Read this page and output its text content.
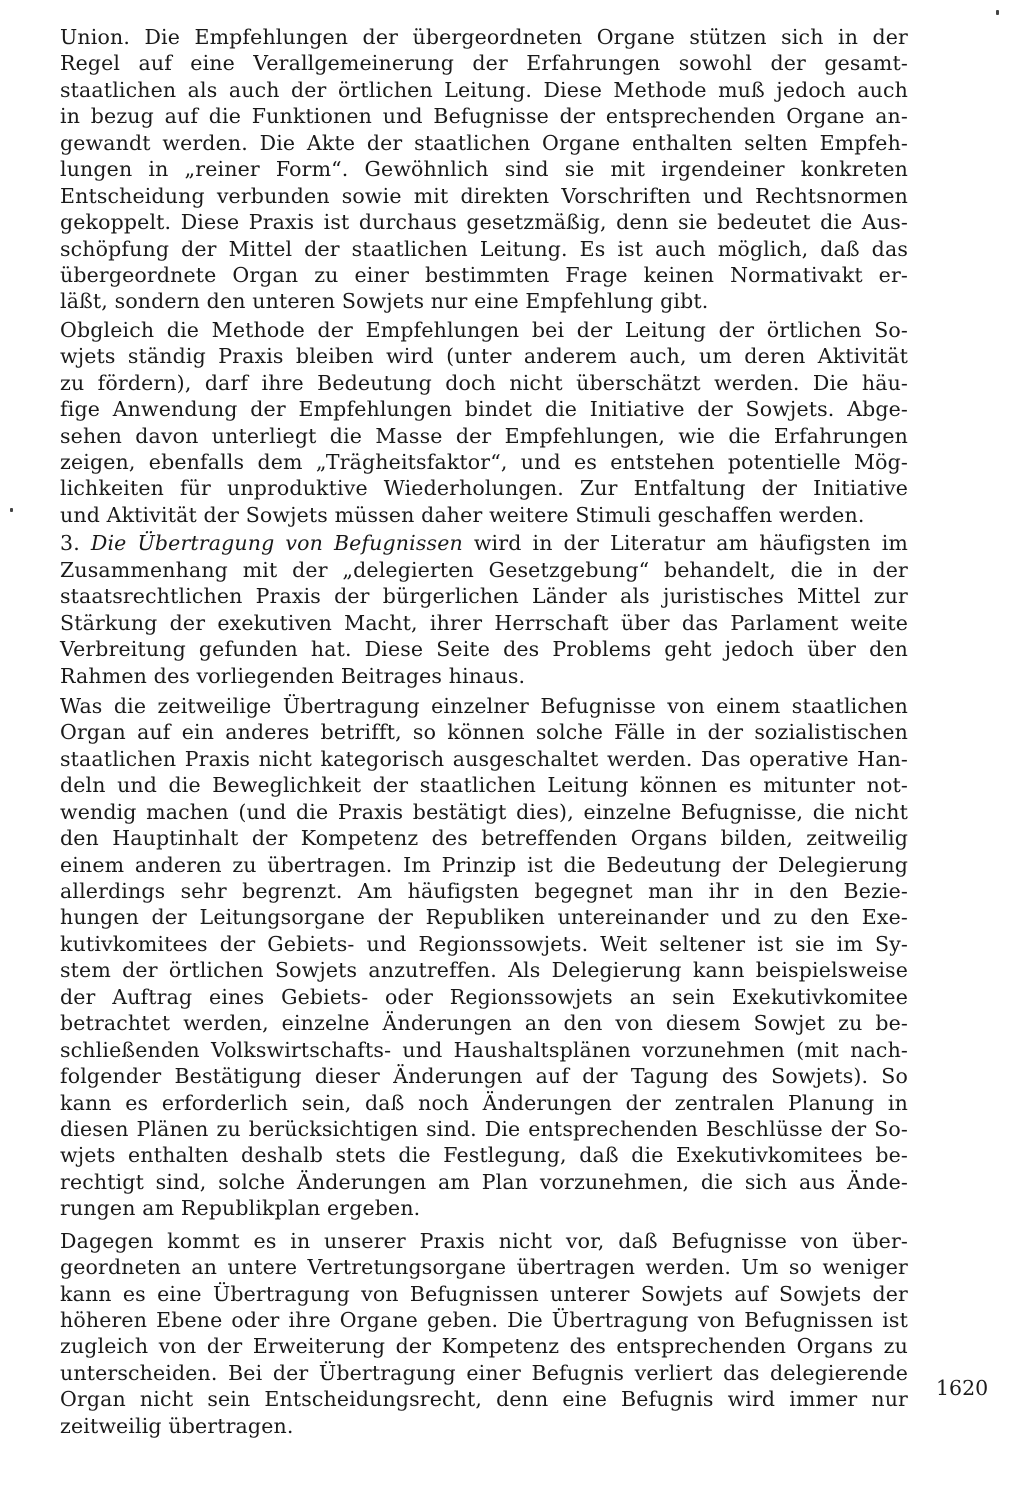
Union. Die Empfehlungen der übergeordneten Organe stützen sich in der
Regel auf eine Verallgemeinerung der Erfahrungen sowohl der gesamt-
staatlichen als auch der örtlichen Leitung. Diese Methode muß jedoch auch
in bezug auf die Funktionen und Befugnisse der entsprechenden Organe an-
gewandt werden. Die Akte der staatlichen Organe enthalten selten Empfeh-
lungen in „reiner Form“. Gewöhnlich sind sie mit irgendeiner konkreten
Entscheidung verbunden sowie mit direkten Vorschriften und Rechtsnormen
gekoppelt. Diese Praxis ist durchaus gesetzmäßig, denn sie bedeutet die Aus-
schöpfung der Mittel der staatlichen Leitung. Es ist auch möglich, daß das
übergeordnete Organ zu einer bestimmten Frage keinen Normativakt er-
läßt, sondern den unteren Sowjets nur eine Empfehlung gibt.
Obgleich die Methode der Empfehlungen bei der Leitung der örtlichen So-
wjets ständig Praxis bleiben wird (unter anderem auch, um deren Aktivität
zu fördern), darf ihre Bedeutung doch nicht überschätzt werden. Die häu-
fige Anwendung der Empfehlungen bindet die Initiative der Sowjets. Abge-
sehen davon unterliegt die Masse der Empfehlungen, wie die Erfahrungen
zeigen, ebenfalls dem „Trägheitsfaktor“, und es entstehen potentielle Mög-
lichkeiten für unproduktive Wiederholungen. Zur Entfaltung der Initiative
und Aktivität der Sowjets müssen daher weitere Stimuli geschaffen werden.
3. Die Übertragung von Befugnissen wird in der Literatur am häufigsten im
Zusammenhang mit der „delegierten Gesetzgebung“ behandelt, die in der
staatsrechtlichen Praxis der bürgerlichen Länder als juristisches Mittel zur
Stärkung der exekutiven Macht, ihrer Herrschaft über das Parlament weite
Verbreitung gefunden hat. Diese Seite des Problems geht jedoch über den
Rahmen des vorliegenden Beitrages hinaus.
Was die zeitweilige Übertragung einzelner Befugnisse von einem staatlichen
Organ auf ein anderes betrifft, so können solche Fälle in der sozialistischen
staatlichen Praxis nicht kategorisch ausgeschaltet werden. Das operative Han-
deln und die Beweglichkeit der staatlichen Leitung können es mitunter not-
wendig machen (und die Praxis bestätigt dies), einzelne Befugnisse, die nicht
den Hauptinhalt der Kompetenz des betreffenden Organs bilden, zeitweilig
einem anderen zu übertragen. Im Prinzip ist die Bedeutung der Delegierung
allerdings sehr begrenzt. Am häufigsten begegnet man ihr in den Bezie-
hungen der Leitungsorgane der Republiken untereinander und zu den Exe-
kutivkomitees der Gebiets- und Regionssowjets. Weit seltener ist sie im Sy-
stem der örtlichen Sowjets anzutreffen. Als Delegierung kann beispielsweise
der Auftrag eines Gebiets- oder Regionssowjets an sein Exekutivkomitee
betrachtet werden, einzelne Änderungen an den von diesem Sowjet zu be-
schließenden Volkswirtschafts- und Haushaltsplänen vorzunehmen (mit nach-
folgender Bestätigung dieser Änderungen auf der Tagung des Sowjets). So
kann es erforderlich sein, daß noch Änderungen der zentralen Planung in
diesen Plänen zu berücksichtigen sind. Die entsprechenden Beschlüsse der So-
wjets enthalten deshalb stets die Festlegung, daß die Exekutivkomitees be-
rechtigt sind, solche Änderungen am Plan vorzunehmen, die sich aus Ände-
rungen am Republikplan ergeben.
Dagegen kommt es in unserer Praxis nicht vor, daß Befugnisse von über-
geordneten an untere Vertretungsorgane übertragen werden. Um so weniger
kann es eine Übertragung von Befugnissen unterer Sowjets auf Sowjets der
höheren Ebene oder ihre Organe geben. Die Übertragung von Befugnissen ist
zugleich von der Erweiterung der Kompetenz des entsprechenden Organs zu
unterscheiden. Bei der Übertragung einer Befugnis verliert das delegierende
Organ nicht sein Entscheidungsrecht, denn eine Befugnis wird immer nur
zeitweilig übertragen.
1620
